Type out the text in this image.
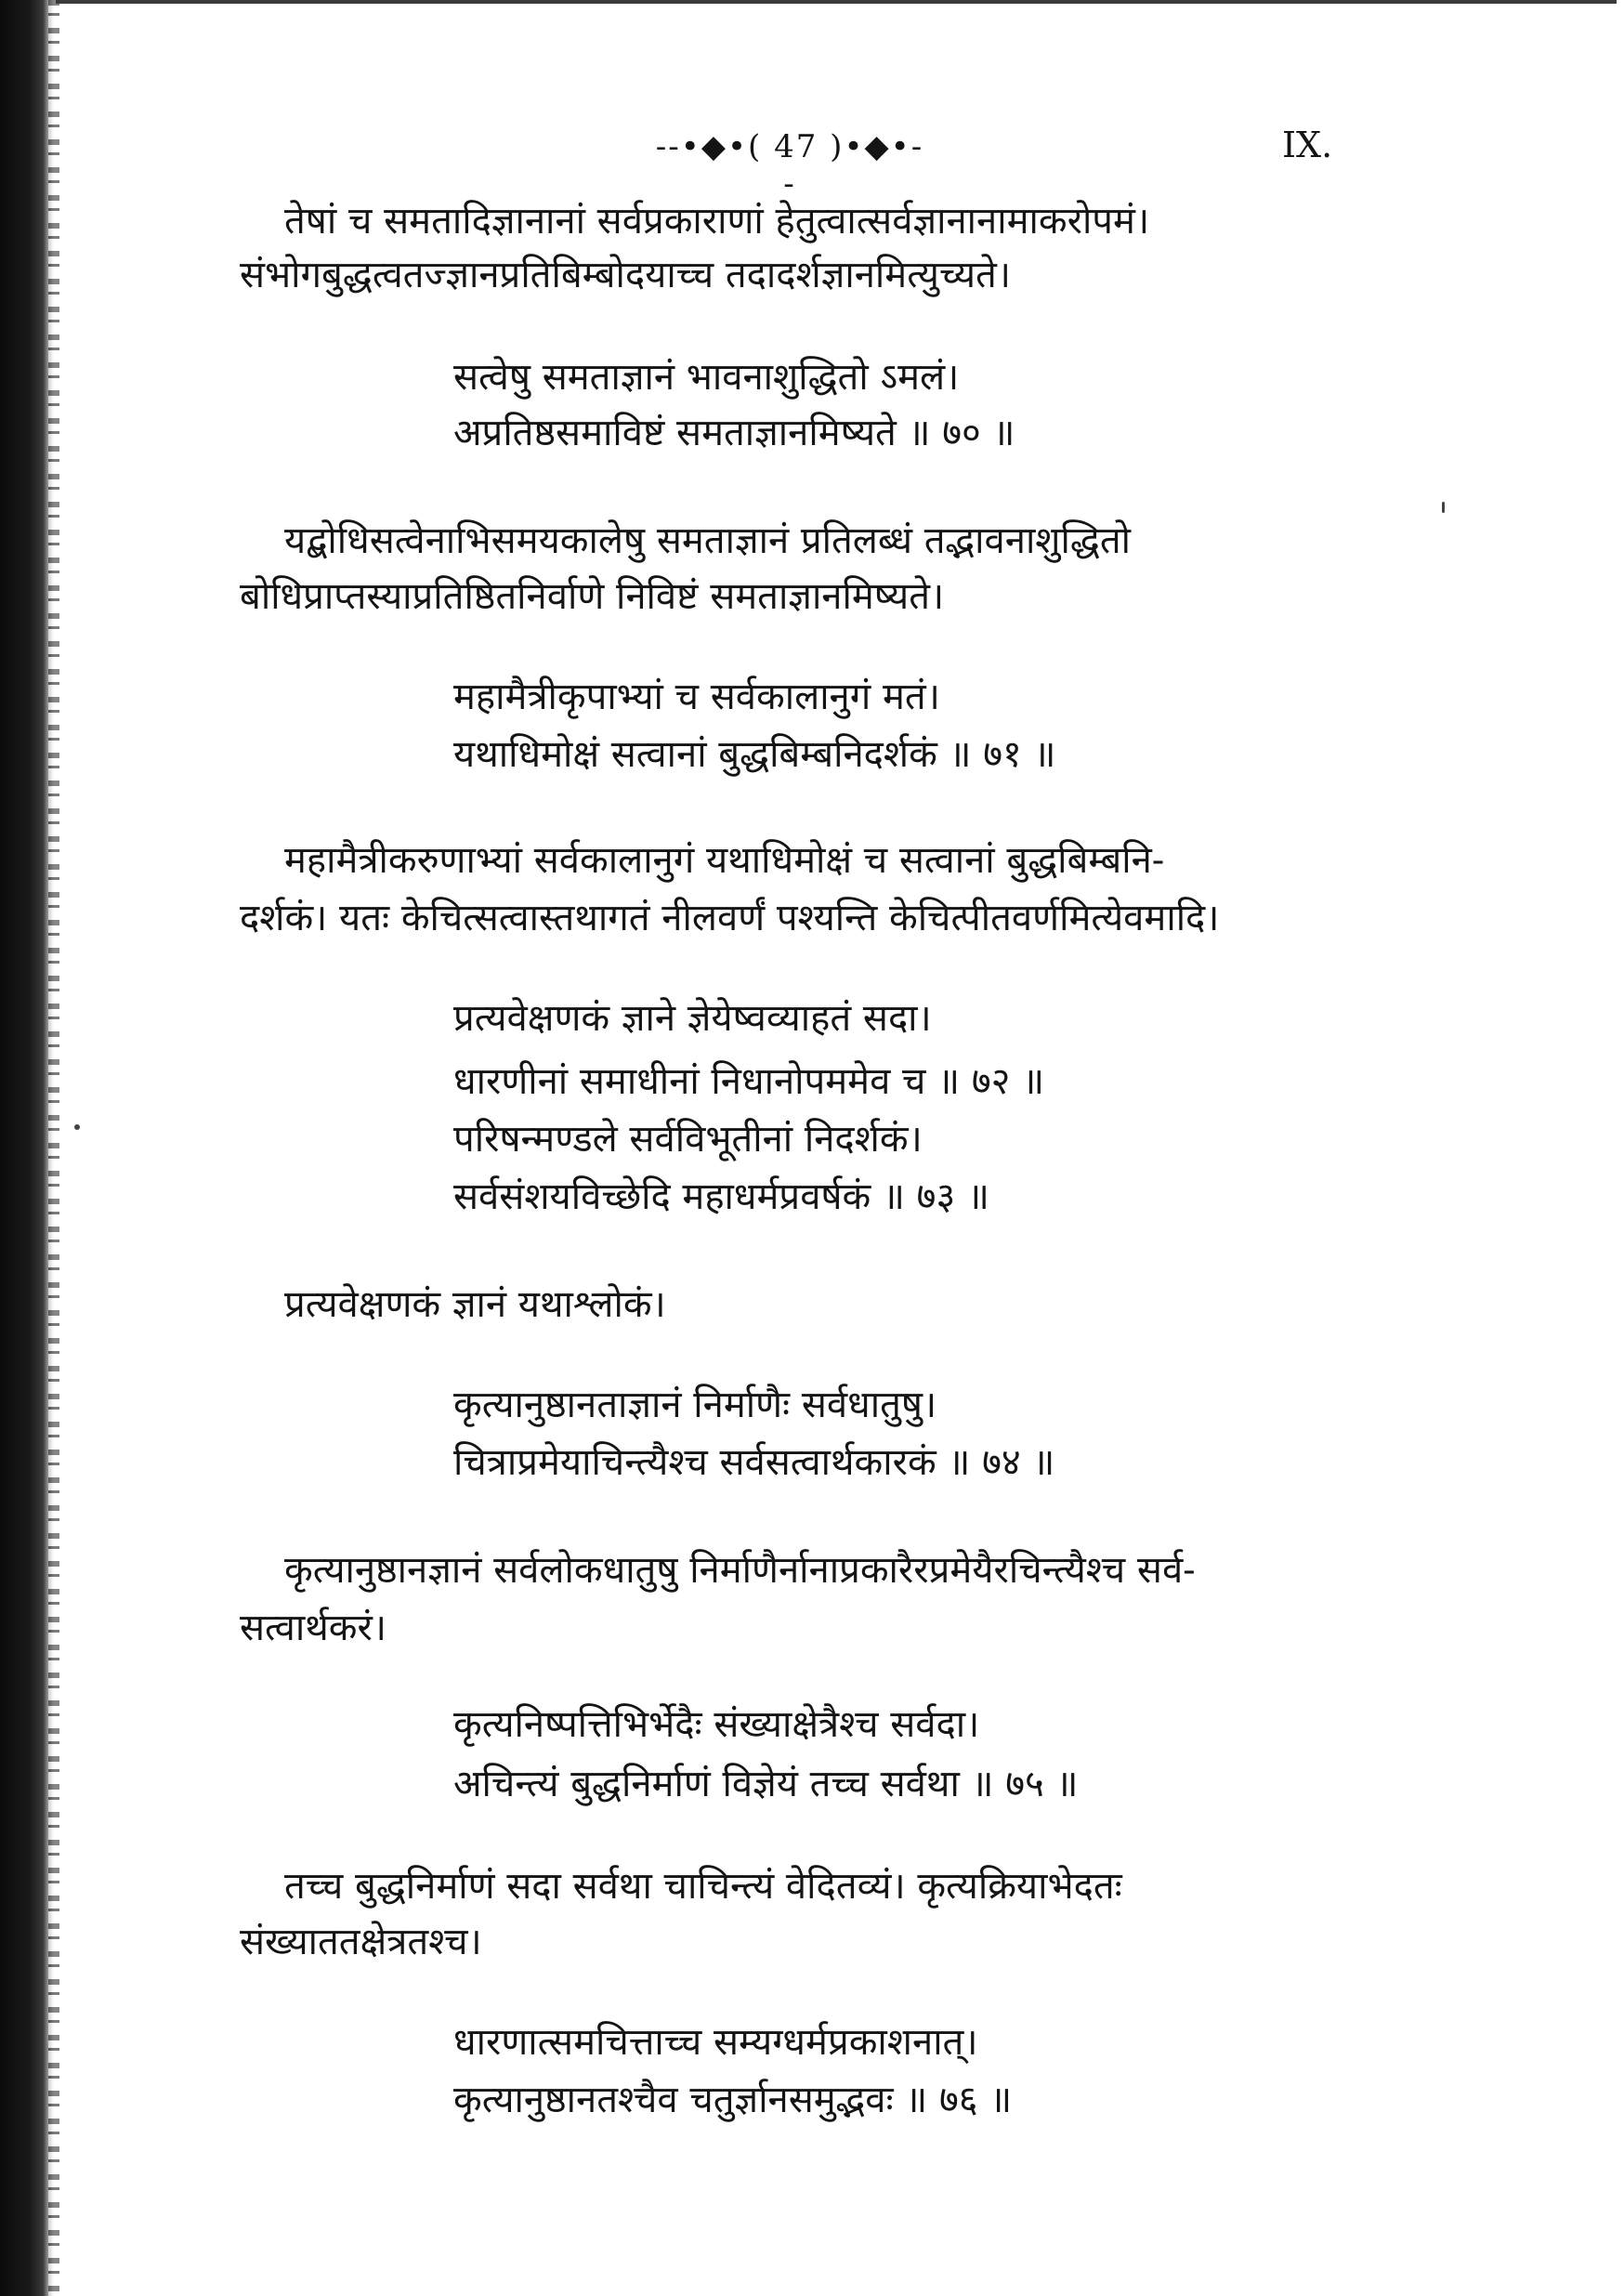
--•◆•( 47 )•◆•--
IX.
तेषां च समतादिज्ञानानां सर्वप्रकाराणां हेतुत्वात्सर्वज्ञानानामाकरोपमं।
संभोगबुद्धत्वतज्ज्ञानप्रतिबिम्बोदयाच्च तदादर्शज्ञानमित्युच्यते।
सत्वेषु समताज्ञानं भावनाशुद्धितो ऽमलं।
अप्रतिष्ठसमाविष्टं समताज्ञानमिष्यते ॥ ७० ॥
यद्बोधिसत्वेनाभिसमयकालेषु समताज्ञानं प्रतिलब्धं तद्भावनाशुद्धितो
बोधिप्राप्तस्याप्रतिष्ठितनिर्वाणे निविष्टं समताज्ञानमिष्यते।
महामैत्रीकृपाभ्यां च सर्वकालानुगं मतं।
यथाधिमोक्षं सत्वानां बुद्धबिम्बनिदर्शकं ॥ ७१ ॥
महामैत्रीकरुणाभ्यां सर्वकालानुगं यथाधिमोक्षं च सत्वानां बुद्धबिम्बनि-
दर्शकं। यतः केचित्सत्वास्तथागतं नीलवर्णं पश्यन्ति केचित्पीतवर्णमित्येवमादि।
प्रत्यवेक्षणकं ज्ञाने ज्ञेयेष्वव्याहतं सदा।
धारणीनां समाधीनां निधानोपममेव च ॥ ७२ ॥
परिषन्मण्डले सर्वविभूतीनां निदर्शकं।
सर्वसंशयविच्छेदि महाधर्मप्रवर्षकं ॥ ७३ ॥
प्रत्यवेक्षणकं ज्ञानं यथाश्लोकं।
कृत्यानुष्ठानताज्ञानं निर्माणैः सर्वधातुषु।
चित्राप्रमेयाचिन्त्यैश्च सर्वसत्वार्थकारकं ॥ ७४ ॥
कृत्यानुष्ठानज्ञानं सर्वलोकधातुषु निर्माणैर्नानाप्रकारैरप्रमेयैरचिन्त्यैश्च सर्व-
सत्वार्थकरं।
कृत्यनिष्पत्तिभिर्भेदैः संख्याक्षेत्रैश्च सर्वदा।
अचिन्त्यं बुद्धनिर्माणं विज्ञेयं तच्च सर्वथा ॥ ७५ ॥
तच्च बुद्धनिर्माणं सदा सर्वथा चाचिन्त्यं वेदितव्यं। कृत्यक्रियाभेदतः
संख्याततक्षेत्रतश्च।
धारणात्समचित्ताच्च सम्यग्धर्मप्रकाशनात्।
कृत्यानुष्ठानतश्चैव चतुर्ज्ञानसमुद्भवः ॥ ७६ ॥
